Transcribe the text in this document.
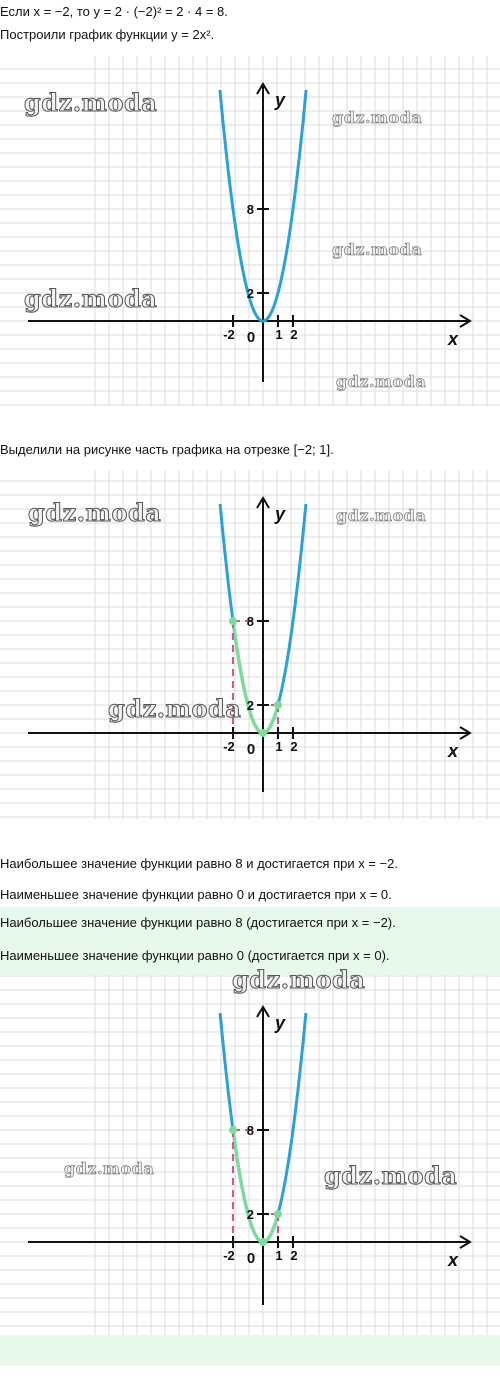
Если x = −2, то y = 2 · (−2)² = 2 · 4 = 8.
Построили график функции y = 2x².
-2	1 2
2
8
0	x
y
gdz.moda
gdz.moda
gdz.moda
gdz.moda
gdz.moda
Выделили на рисунке часть графика на отрезке [−2; 1].
-2	1 2
2
8
0	x
y
gdz.moda	gdz.moda
gdz.moda
Наибольшее значение функции равно 8 и достигается при x = −2.
Наименьшее значение функции равно 0 и достигается при x = 0.
Наибольшее значение функции равно 8 (достигается при x = −2).
Наименьшее значение функции равно 0 (достигается при x = 0).
-2	1 2
2
8
0	x
y
gdz.moda
gdz.moda	gdz.moda
